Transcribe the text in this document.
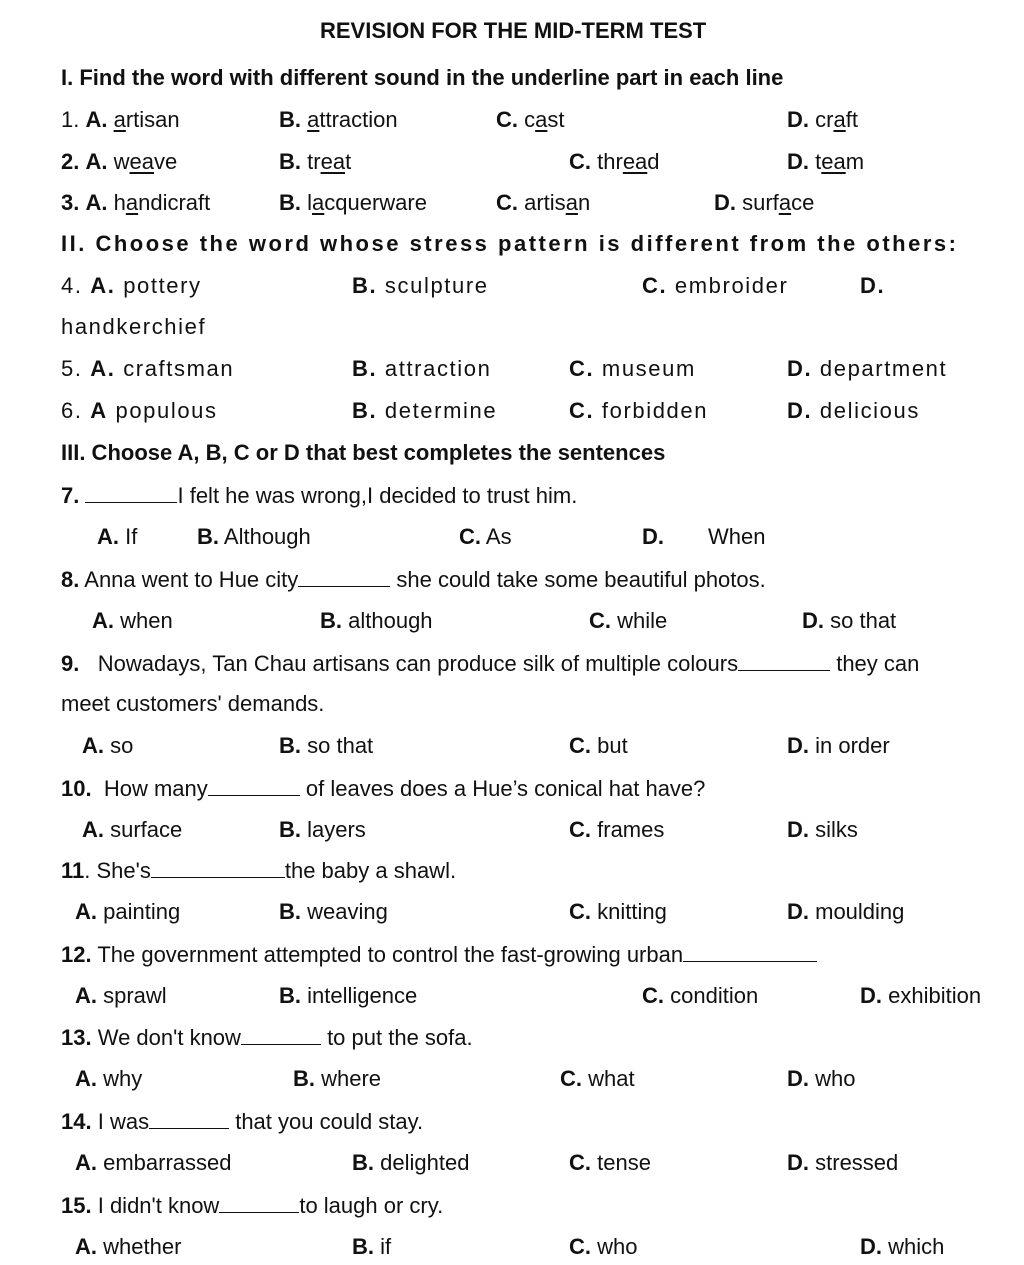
REVISION FOR THE MID-TERM TEST
I. Find the word with different sound in the underline part in each line
1. A. artisan	B. attraction	C. cast	D. craft
2. A. weave	B. treat	C. thread	D. team
3. A. handicraft	B. lacquerware	C. artisan	D. surface
II. Choose the word whose stress pattern is different from the others:
4. A. pottery	B. sculpture	C. embroider	D.
handkerchief
5. A. craftsman	B. attraction	C. museum	D. department
6. A populous	B. determine	C. forbidden	D. delicious
III. Choose A, B, C or D that best completes the sentences
7.	I felt he was wrong,I decided to trust him.
A. If	B. Although	C. As	D. When
8. Anna went to Hue city	she could take some beautiful photos.
A. when	B. although	C. while	D. so that
9. Nowadays, Tan Chau artisans can produce silk of multiple colours	they can
meet customers' demands.
A. so	B. so that	C. but	D. in order
10. How many	of leaves does a Hue’s conical hat have?
A. surface	B. layers	C. frames	D. silks
11. She's	the baby a shawl.
A. painting	B. weaving	C. knitting	D. moulding
12. The government attempted to control the fast-growing urban
A. sprawl	B. intelligence	C. condition	D. exhibition
13. We don't know	to put the sofa.
A. why	B. where	C. what	D. who
14. I was	that you could stay.
A. embarrassed	B. delighted	C. tense	D. stressed
15. I didn't know	to laugh or cry.
A. whether	B. if	C. who	D. which
